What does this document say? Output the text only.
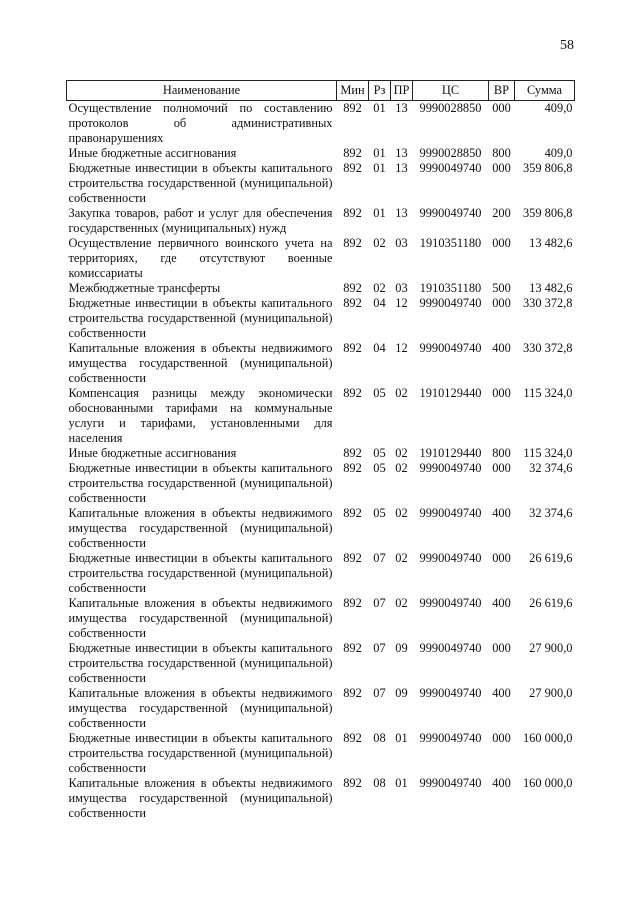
58
Наименование	Мин	Рз	ПР	ЦС	ВР	Сумма
Осуществление полномочий по составлению протоколов об административных правонарушениях	892	01	13	9990028850	000	409,0
Иные бюджетные ассигнования	892	01	13	9990028850	800	409,0
Бюджетные инвестиции в объекты капитального строительства государственной (муниципальной) собственности	892	01	13	9990049740	000	359 806,8
Закупка товаров, работ и услуг для обеспечения государственных (муниципальных) нужд	892	01	13	9990049740	200	359 806,8
Осуществление первичного воинского учета на территориях, где отсутствуют военные комиссариаты	892	02	03	1910351180	000	13 482,6
Межбюджетные трансферты	892	02	03	1910351180	500	13 482,6
Бюджетные инвестиции в объекты капитального строительства государственной (муниципальной) собственности	892	04	12	9990049740	000	330 372,8
Капитальные вложения в объекты недвижимого имущества государственной (муниципальной) собственности	892	04	12	9990049740	400	330 372,8
Компенсация разницы между экономически обоснованными тарифами на коммунальные услуги и тарифами, установленными для населения	892	05	02	1910129440	000	115 324,0
Иные бюджетные ассигнования	892	05	02	1910129440	800	115 324,0
Бюджетные инвестиции в объекты капитального строительства государственной (муниципальной) собственности	892	05	02	9990049740	000	32 374,6
Капитальные вложения в объекты недвижимого имущества государственной (муниципальной) собственности	892	05	02	9990049740	400	32 374,6
Бюджетные инвестиции в объекты капитального строительства государственной (муниципальной) собственности	892	07	02	9990049740	000	26 619,6
Капитальные вложения в объекты недвижимого имущества государственной (муниципальной) собственности	892	07	02	9990049740	400	26 619,6
Бюджетные инвестиции в объекты капитального строительства государственной (муниципальной) собственности	892	07	09	9990049740	000	27 900,0
Капитальные вложения в объекты недвижимого имущества государственной (муниципальной) собственности	892	07	09	9990049740	400	27 900,0
Бюджетные инвестиции в объекты капитального строительства государственной (муниципальной) собственности	892	08	01	9990049740	000	160 000,0
Капитальные вложения в объекты недвижимого имущества государственной (муниципальной) собственности	892	08	01	9990049740	400	160 000,0
